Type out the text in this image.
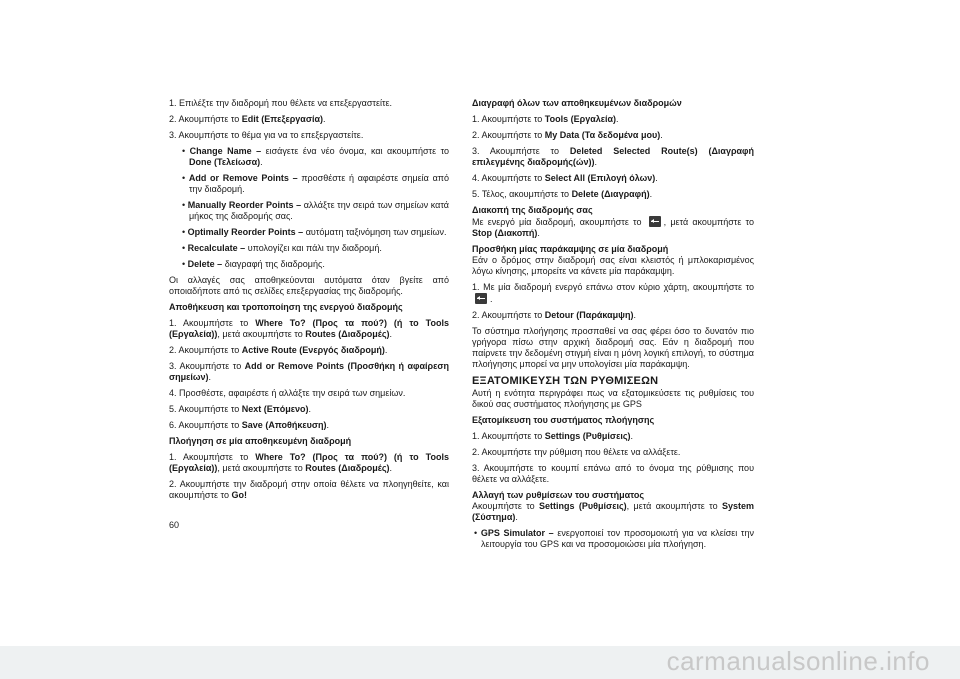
1. Επιλέξτε την διαδρομή που θέλετε να επεξεργαστείτε.

2. Ακουμπήστε το Edit (Επεξεργασία).

3. Ακουμπήστε το θέμα για να το επεξεργαστείτε.

• Change Name – εισάγετε ένα νέο όνομα, και ακουμπήστε το Done (Τελείωσα).

• Add or Remove Points – προσθέστε ή αφαιρέστε σημεία από την διαδρομή.

• Manually Reorder Points – αλλάξτε την σειρά των σημείων κατά μήκος της διαδρομής σας.

• Optimally Reorder Points – αυτόματη ταξινόμηση των σημείων.

• Recalculate – υπολογίζει και πάλι την διαδρομή.

• Delete – διαγραφή της διαδρομής.

Οι αλλαγές σας αποθηκεύονται αυτόματα όταν βγείτε από οποιαδήποτε από τις σελίδες επεξεργασίας της διαδρομής.

Αποθήκευση και τροποποίηση της ενεργού διαδρομής

1. Ακουμπήστε το Where To? (Προς τα πού?) (ή το Tools (Εργαλεία)), μετά ακουμπήστε το Routes (Διαδρομές).

2. Ακουμπήστε το Active Route (Ενεργός διαδρομή).

3. Ακουμπήστε το Add or Remove Points (Προσθήκη ή αφαίρεση σημείων).

4. Προσθέστε, αφαιρέστε ή αλλάξτε την σειρά των σημείων.

5. Ακουμπήστε το Next (Επόμενο).

6. Ακουμπήστε το Save (Αποθήκευση).

Πλοήγηση σε μία αποθηκευμένη διαδρομή

1. Ακουμπήστε το Where To? (Προς τα πού?) (ή το Tools (Εργαλεία)), μετά ακουμπήστε το Routes (Διαδρομές).

2. Ακουμπήστε την διαδρομή στην οποία θέλετε να πλοηγηθείτε, και ακουμπήστε το Go!

Διαγραφή όλων των αποθηκευμένων διαδρομών

1. Ακουμπήστε το Tools (Εργαλεία).

2. Ακουμπήστε το My Data (Τα δεδομένα μου).

3. Ακουμπήστε το Deleted Selected Route(s) (Διαγραφή επιλεγμένης διαδρομής(ών)).

4. Ακουμπήστε το Select All (Επιλογή όλων).

5. Τέλος, ακουμπήστε το Delete (Διαγραφή).

Διακοπή της διαδρομής σας

Με ενεργό μία διαδρομή, ακουμπήστε το , μετά ακουμπήστε το Stop (Διακοπή).

Προσθήκη μίας παράκαμψης σε μία διαδρομή

Εάν ο δρόμος στην διαδρομή σας είναι κλειστός ή μπλοκαρισμένος λόγω κίνησης, μπορείτε να κάνετε μία παράκαμψη.

1. Με μία διαδρομή ενεργό επάνω στον κύριο χάρτη, ακουμπήστε το .

2. Ακουμπήστε το Detour (Παράκαμψη).

Το σύστημα πλοήγησης προσπαθεί να σας φέρει όσο το δυνατόν πιο γρήγορα πίσω στην αρχική διαδρομή σας. Εάν η διαδρομή που παίρνετε την δεδομένη στιγμή είναι η μόνη λογική επιλογή, το σύστημα πλοήγησης μπορεί να μην υπολογίσει μία παράκαμψη.

ΕΞΑΤΟΜΙΚΕΥΣΗ ΤΩΝ ΡΥΘΜΙΣΕΩΝ

Αυτή η ενότητα περιγράφει πως να εξατομικεύσετε τις ρυθμίσεις του δικού σας συστήματος πλοήγησης με GPS

Εξατομίκευση του συστήματος πλοήγησης

1. Ακουμπήστε το Settings (Ρυθμίσεις).

2. Ακουμπήστε την ρύθμιση που θέλετε να αλλάξετε.

3. Ακουμπήστε το κουμπί επάνω από το όνομα της ρύθμισης που θέλετε να αλλάξετε.

Αλλαγή των ρυθμίσεων του συστήματος

Ακουμπήστε το Settings (Ρυθμίσεις), μετά ακουμπήστε το System (Σύστημα).

• GPS Simulator – ενεργοποιεί τον προσομοιωτή για να κλείσει την λειτουργία του GPS και να προσομοιώσει μία πλοήγηση.

60
carmanualsonline.info
